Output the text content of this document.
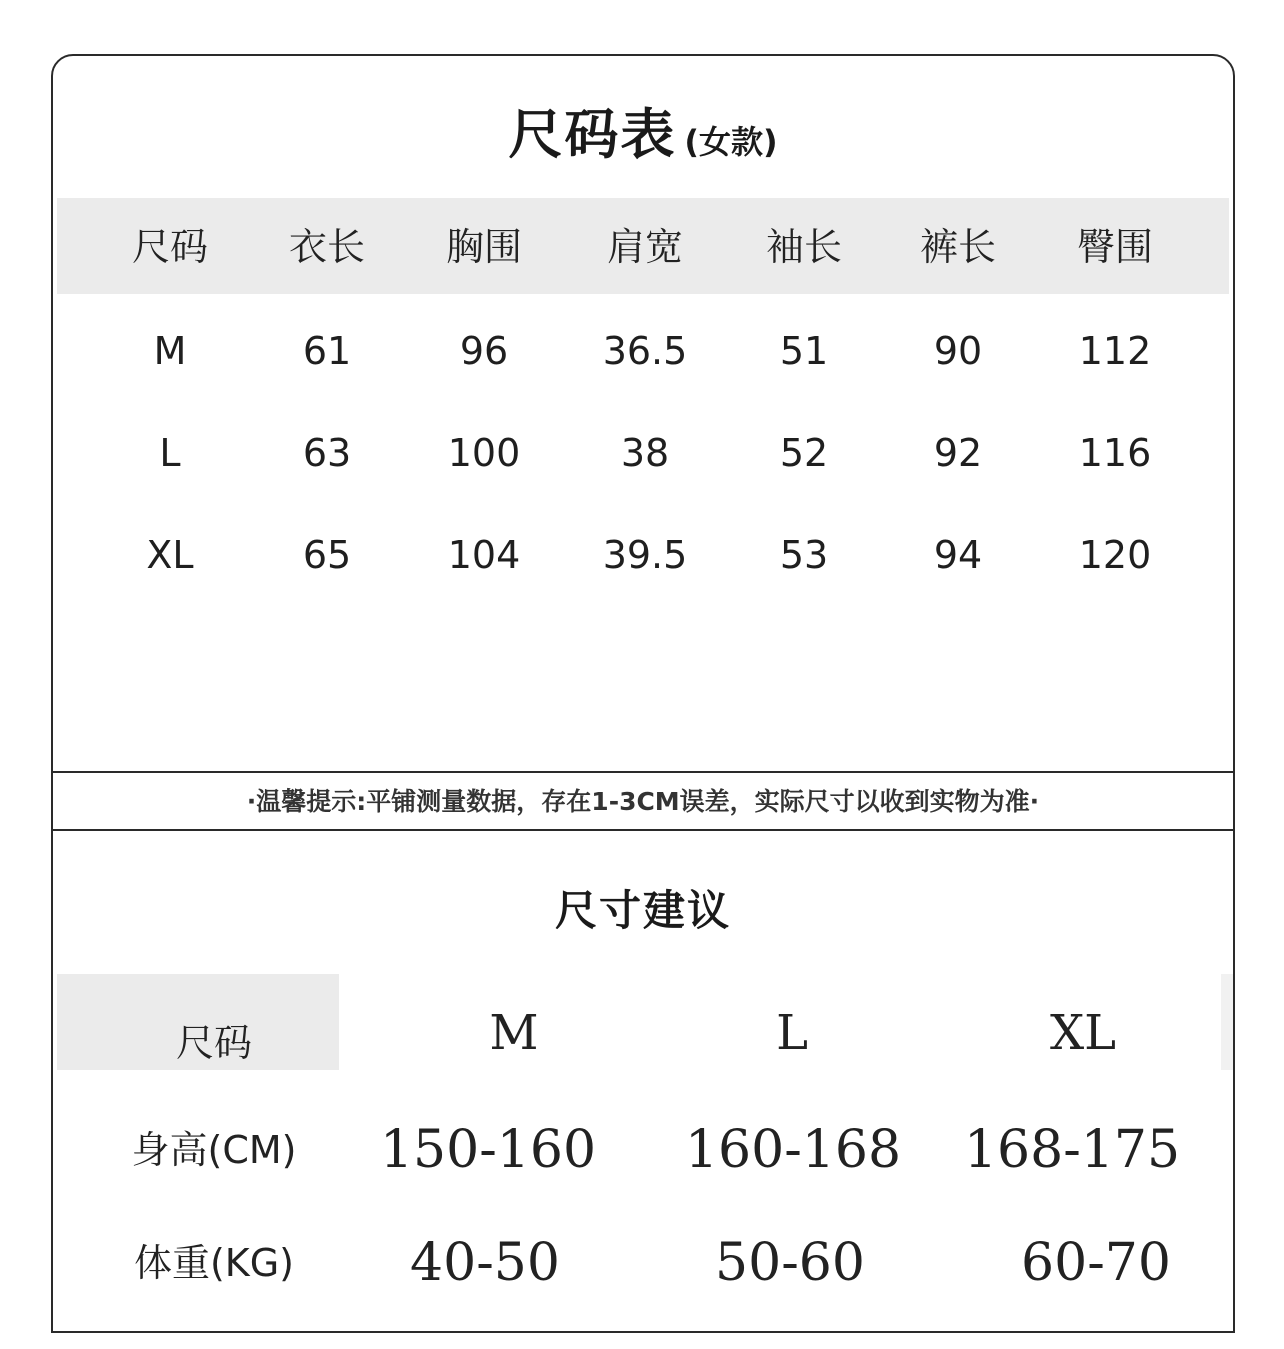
尺码表 (女款)
尺码	衣长	胸围	肩宽	袖长	裤长	臀围
M	61	96	36.5	51	90	112
L	63	100	38	52	92	116
XL	65	104	39.5	53	94	120
·温馨提示:平铺测量数据，存在1-3CM误差，实际尺寸以收到实物为准·
尺寸建议
尺码	M	L	XL
身高(CM)	150-160	160-168	168-175
体重(KG)	40-50	50-60	60-70
